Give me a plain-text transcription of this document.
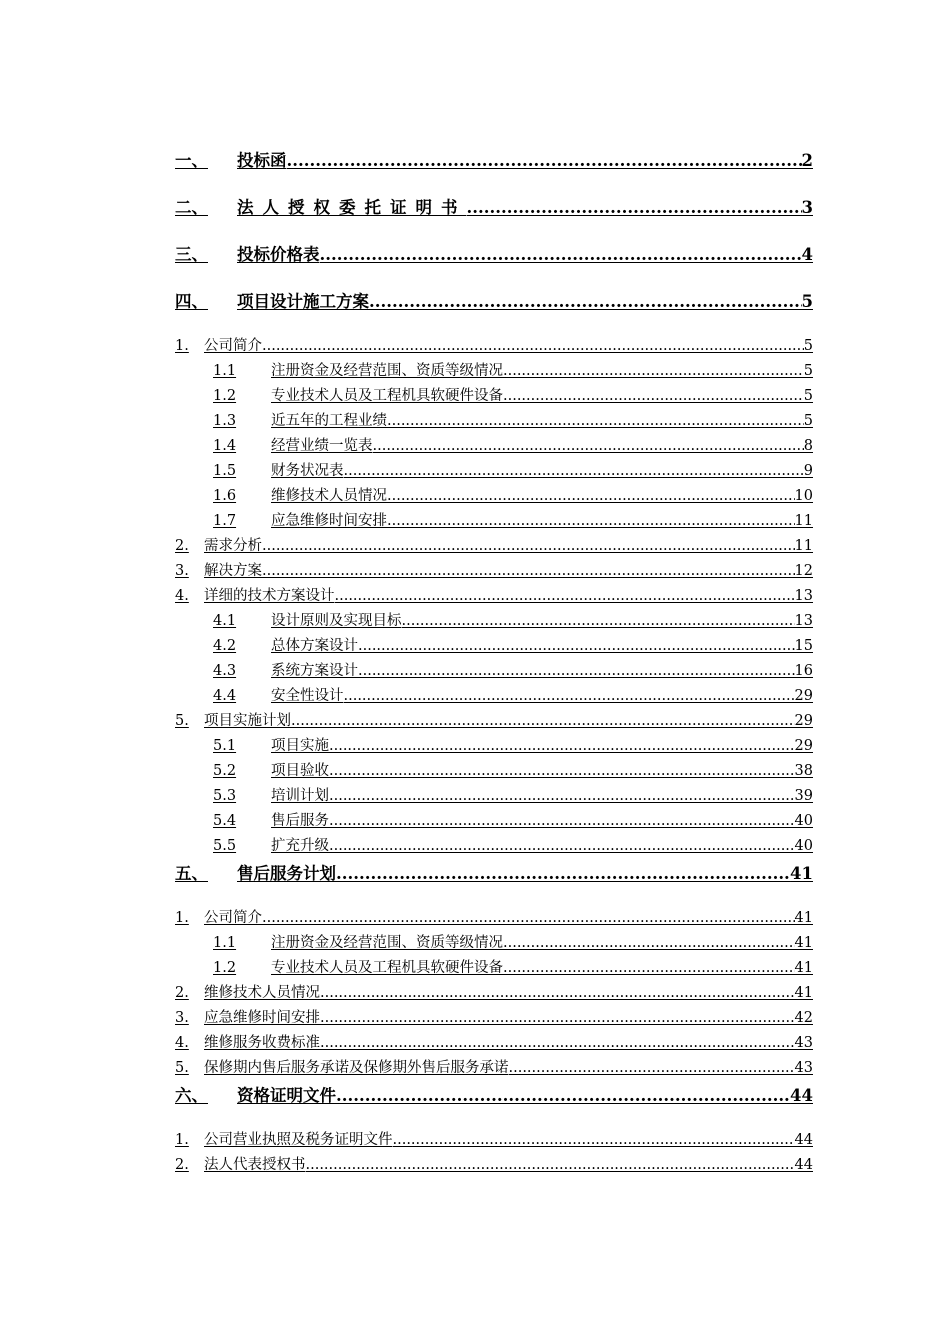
一、	投标函 .....	2
二、	法人授权委托证明书 .....	3
三、	投标价格表 .....	4
四、	项目设计施工方案 .....	5
1.	公司简介 .....	5
1.1	注册资金及经营范围、资质等级情况 .....	5
1.2	专业技术人员及工程机具软硬件设备 .....	5
1.3	近五年的工程业绩 .....	5
1.4	经营业绩一览表 .....	8
1.5	财务状况表 .....	9
1.6	维修技术人员情况 .....	10
1.7	应急维修时间安排 .....	11
2.	需求分析 .....	11
3.	解决方案 .....	12
4.	详细的技术方案设计 .....	13
4.1	设计原则及实现目标 .....	13
4.2	总体方案设计 .....	15
4.3	系统方案设计 .....	16
4.4	安全性设计 .....	29
5.	项目实施计划 .....	29
5.1	项目实施 .....	29
5.2	项目验收 .....	38
5.3	培训计划 .....	39
5.4	售后服务 .....	40
5.5	扩充升级 .....	40
五、	售后服务计划 .....	41
1.	公司简介 .....	41
1.1	注册资金及经营范围、资质等级情况 .....	41
1.2	专业技术人员及工程机具软硬件设备 .....	41
2.	维修技术人员情况 .....	41
3.	应急维修时间安排 .....	42
4.	维修服务收费标准 .....	43
5.	保修期内售后服务承诺及保修期外售后服务承诺 .....	43
六、	资格证明文件 .....	44
1.	公司营业执照及税务证明文件 .....	44
2.	法人代表授权书 .....	44
